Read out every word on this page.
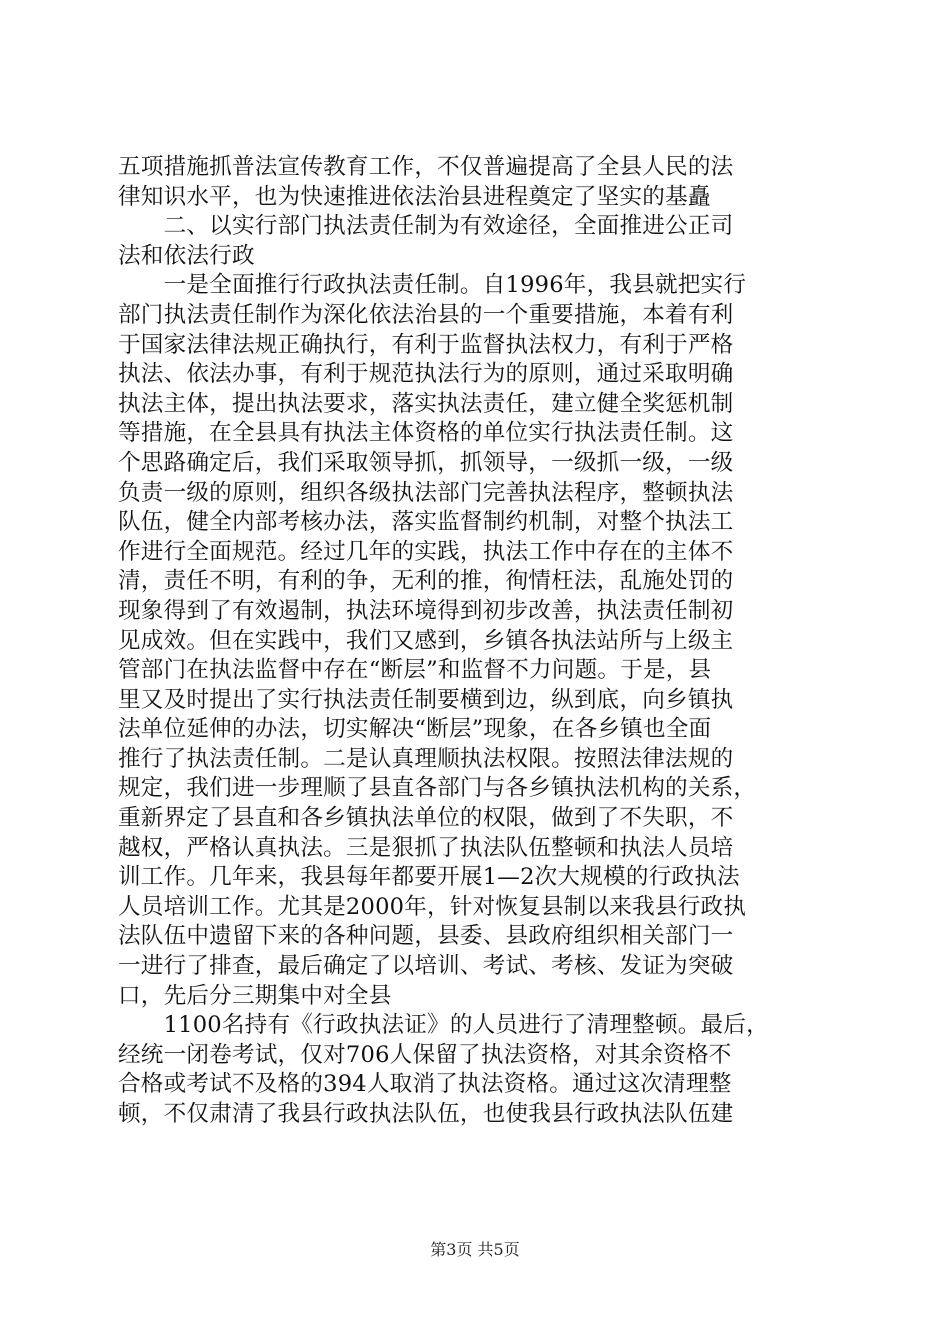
五项措施抓普法宣传教育工作，不仅普遍提高了全县人民的法
律知识水平，也为快速推进依法治县进程奠定了坚实的基矗
　　二、以实行部门执法责任制为有效途径，全面推进公正司
法和依法行政
　　一是全面推行行政执法责任制。自1996年，我县就把实行
部门执法责任制作为深化依法治县的一个重要措施，本着有利
于国家法律法规正确执行，有利于监督执法权力，有利于严格
执法、依法办事，有利于规范执法行为的原则，通过采取明确
执法主体，提出执法要求，落实执法责任，建立健全奖惩机制
等措施，在全县具有执法主体资格的单位实行执法责任制。这
个思路确定后，我们采取领导抓，抓领导，一级抓一级，一级
负责一级的原则，组织各级执法部门完善执法程序，整顿执法
队伍，健全内部考核办法，落实监督制约机制，对整个执法工
作进行全面规范。经过几年的实践，执法工作中存在的主体不
清，责任不明，有利的争，无利的推，徇情枉法，乱施处罚的
现象得到了有效遏制，执法环境得到初步改善，执法责任制初
见成效。但在实践中，我们又感到，乡镇各执法站所与上级主
管部门在执法监督中存在“断层”和监督不力问题。于是，县
里又及时提出了实行执法责任制要横到边，纵到底，向乡镇执
法单位延伸的办法，切实解决“断层”现象，在各乡镇也全面
推行了执法责任制。二是认真理顺执法权限。按照法律法规的
规定，我们进一步理顺了县直各部门与各乡镇执法机构的关系，
重新界定了县直和各乡镇执法单位的权限，做到了不失职，不
越权，严格认真执法。三是狠抓了执法队伍整顿和执法人员培
训工作。几年来，我县每年都要开展1—2次大规模的行政执法
人员培训工作。尤其是2000年，针对恢复县制以来我县行政执
法队伍中遗留下来的各种问题，县委、县政府组织相关部门一
一进行了排查，最后确定了以培训、考试、考核、发证为突破
口，先后分三期集中对全县
　　1100名持有《行政执法证》的人员进行了清理整顿。最后，
经统一闭卷考试，仅对706人保留了执法资格，对其余资格不
合格或考试不及格的394人取消了执法资格。通过这次清理整
顿，不仅肃清了我县行政执法队伍，也使我县行政执法队伍建
第3页 共5页
